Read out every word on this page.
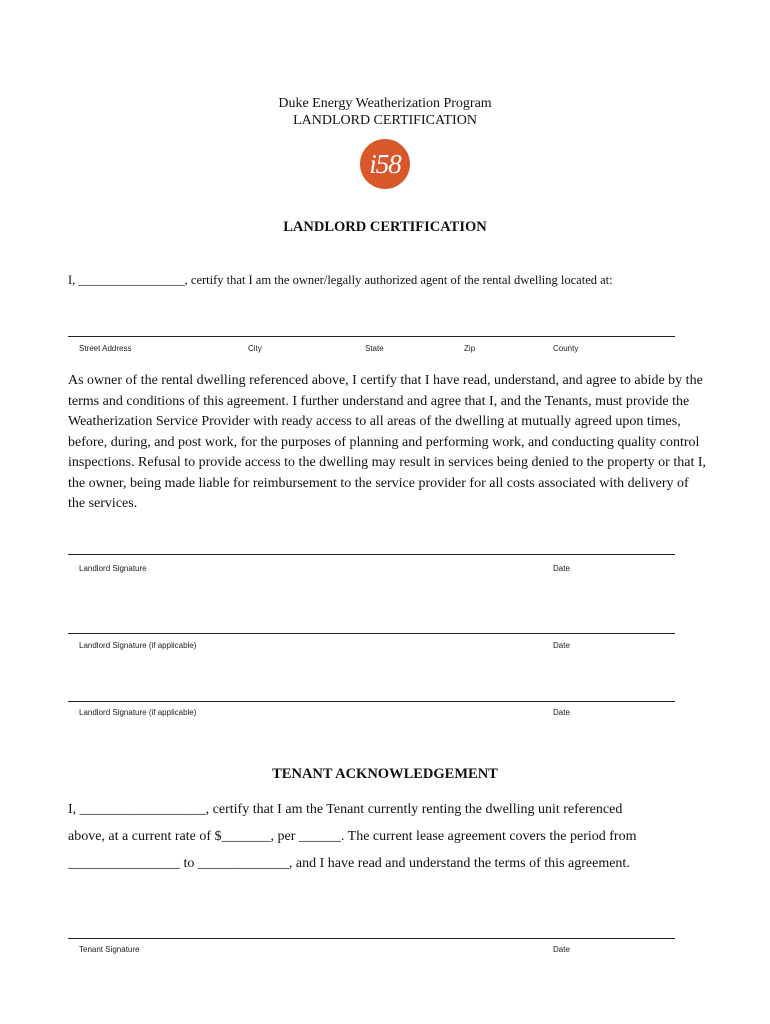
Duke Energy Weatherization Program
LANDLORD CERTIFICATION
i58
LANDLORD CERTIFICATION
I, _________________, certify that I am the owner/legally authorized agent of the rental dwelling located at:
Street Address	City	State	Zip	County
As owner of the rental dwelling referenced above, I certify that I have read, understand, and agree to abide by the terms and conditions of this agreement. I further understand and agree that I, and the Tenants, must provide the Weatherization Service Provider with ready access to all areas of the dwelling at mutually agreed upon times, before, during, and post work, for the purposes of planning and performing work, and conducting quality control inspections. Refusal to provide access to the dwelling may result in services being denied to the property or that I, the owner, being made liable for reimbursement to the service provider for all costs associated with delivery of the services.
Landlord Signature	Date
Landlord Signature (if applicable)	Date
Landlord Signature (if applicable)	Date
TENANT ACKNOWLEDGEMENT
I, __________________, certify that I am the Tenant currently renting the dwelling unit referenced
above, at a current rate of $_______, per ______. The current lease agreement covers the period from
________________ to _____________, and I have read and understand the terms of this agreement.
Tenant Signature	Date
